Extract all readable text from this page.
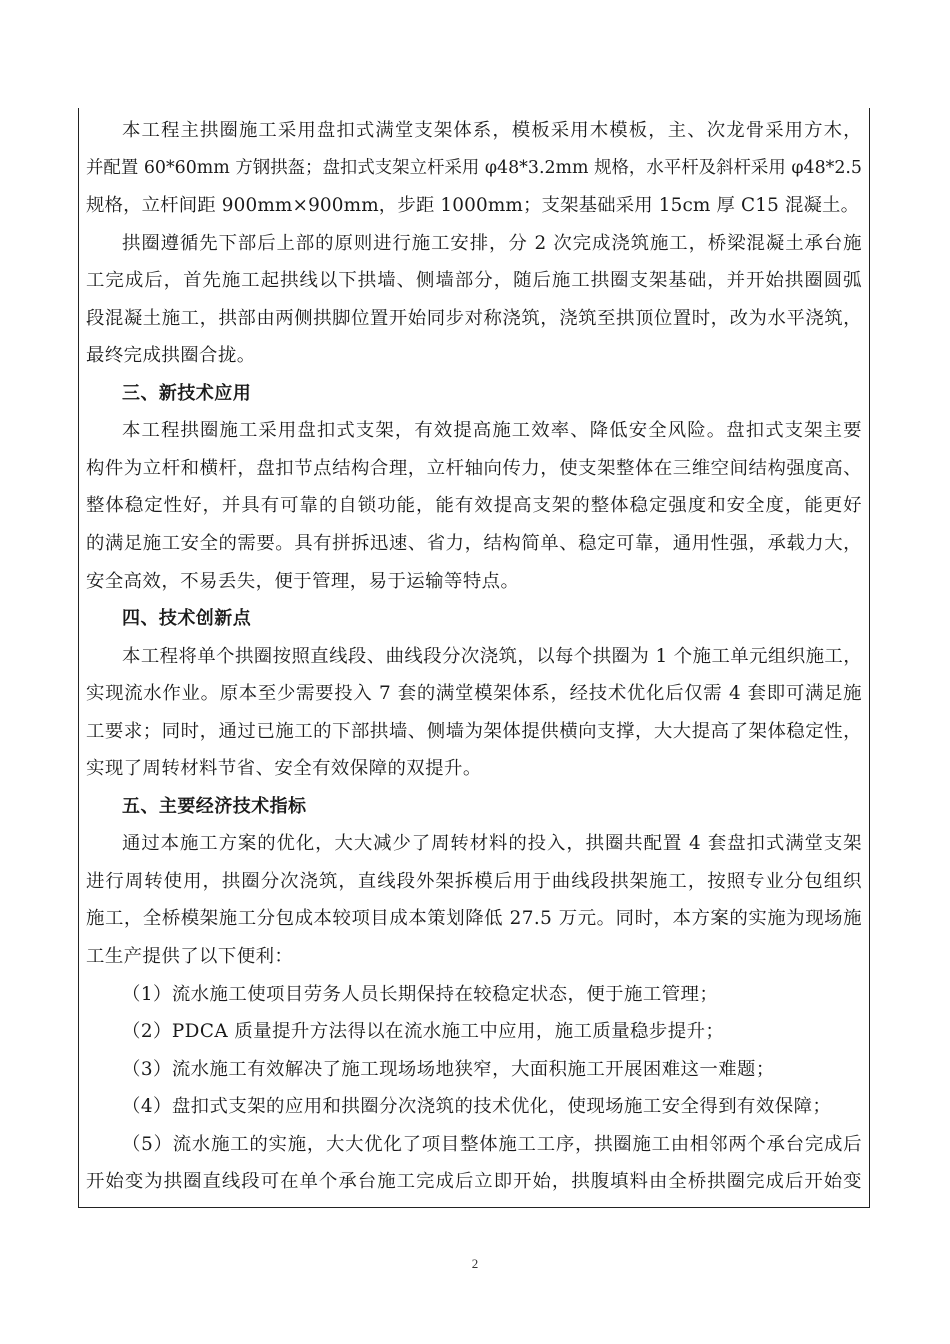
本工程主拱圈施工采用盘扣式满堂支架体系，模板采用木模板，主、次龙骨采用方木，
并配置 60*60mm 方钢拱盔；盘扣式支架立杆采用 φ48*3.2mm 规格，水平杆及斜杆采用 φ48*2.5
规格，立杆间距 900mm×900mm，步距 1000mm；支架基础采用 15cm 厚 C15 混凝土。
拱圈遵循先下部后上部的原则进行施工安排，分 2 次完成浇筑施工，桥梁混凝土承台施
工完成后，首先施工起拱线以下拱墙、侧墙部分，随后施工拱圈支架基础，并开始拱圈圆弧
段混凝土施工，拱部由两侧拱脚位置开始同步对称浇筑，浇筑至拱顶位置时，改为水平浇筑，
最终完成拱圈合拢。
三、新技术应用
本工程拱圈施工采用盘扣式支架，有效提高施工效率、降低安全风险。盘扣式支架主要
构件为立杆和横杆，盘扣节点结构合理，立杆轴向传力，使支架整体在三维空间结构强度高、
整体稳定性好，并具有可靠的自锁功能，能有效提高支架的整体稳定强度和安全度，能更好
的满足施工安全的需要。具有拼拆迅速、省力，结构简单、稳定可靠，通用性强，承载力大，
安全高效，不易丢失，便于管理，易于运输等特点。
四、技术创新点
本工程将单个拱圈按照直线段、曲线段分次浇筑，以每个拱圈为 1 个施工单元组织施工，
实现流水作业。原本至少需要投入 7 套的满堂模架体系，经技术优化后仅需 4 套即可满足施
工要求；同时，通过已施工的下部拱墙、侧墙为架体提供横向支撑，大大提高了架体稳定性，
实现了周转材料节省、安全有效保障的双提升。
五、主要经济技术指标
通过本施工方案的优化，大大减少了周转材料的投入，拱圈共配置 4 套盘扣式满堂支架
进行周转使用，拱圈分次浇筑，直线段外架拆模后用于曲线段拱架施工，按照专业分包组织
施工，全桥模架施工分包成本较项目成本策划降低 27.5 万元。同时，本方案的实施为现场施
工生产提供了以下便利：
（1）流水施工使项目劳务人员长期保持在较稳定状态，便于施工管理；
（2）PDCA 质量提升方法得以在流水施工中应用，施工质量稳步提升；
（3）流水施工有效解决了施工现场场地狭窄，大面积施工开展困难这一难题；
（4）盘扣式支架的应用和拱圈分次浇筑的技术优化，使现场施工安全得到有效保障；
（5）流水施工的实施，大大优化了项目整体施工工序，拱圈施工由相邻两个承台完成后
开始变为拱圈直线段可在单个承台施工完成后立即开始，拱腹填料由全桥拱圈完成后开始变
2
